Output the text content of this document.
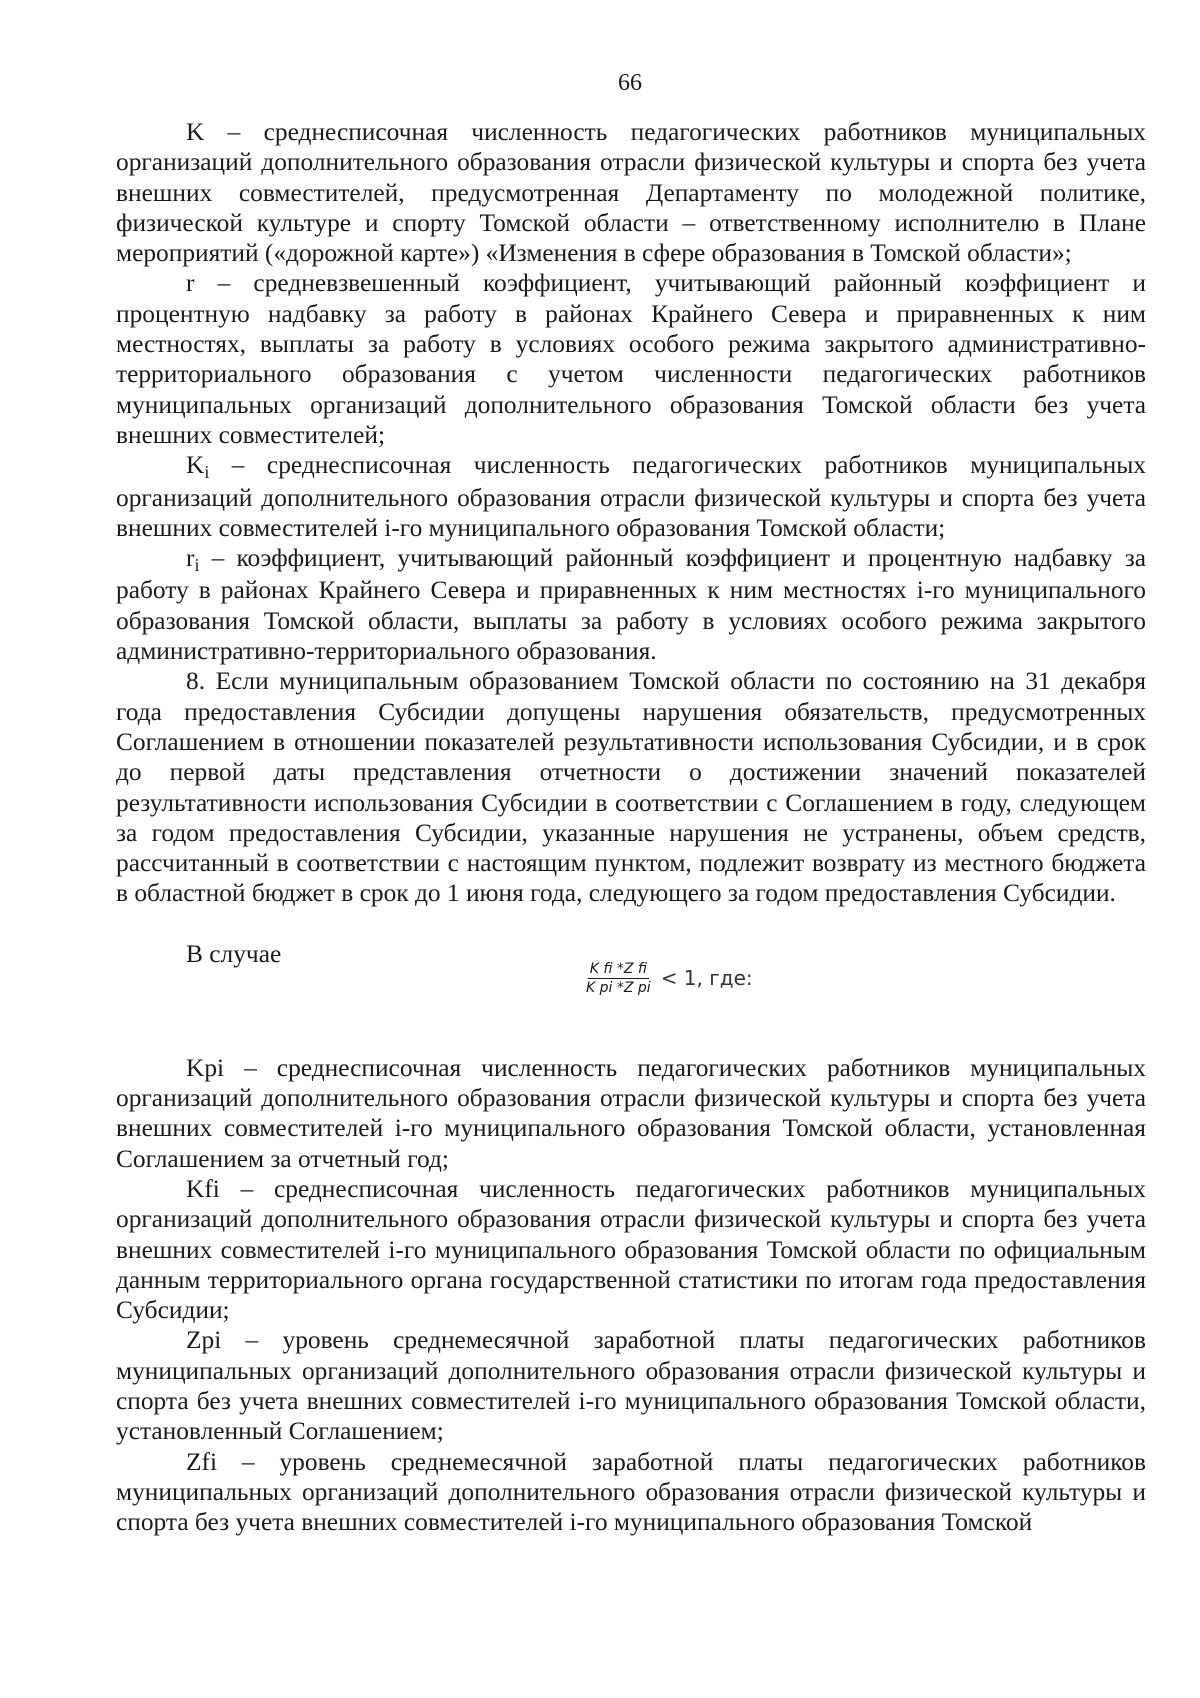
66

K – среднесписочная численность педагогических работников муниципальных организаций дополнительного образования отрасли физической культуры и спорта без учета внешних совместителей, предусмотренная Департаменту по молодежной политике, физической культуре и спорту Томской области – ответственному исполнителю в Плане мероприятий («дорожной карте») «Изменения в сфере образования в Томской области»;

r – средневзвешенный коэффициент, учитывающий районный коэффициент и процентную надбавку за работу в районах Крайнего Севера и приравненных к ним местностях, выплаты за работу в условиях особого режима закрытого административно-территориального образования с учетом численности педагогических работников муниципальных организаций дополнительного образования Томской области без учета внешних совместителей;

Ki – среднесписочная численность педагогических работников муниципальных организаций дополнительного образования отрасли физической культуры и спорта без учета внешних совместителей i-го муниципального образования Томской области;

ri – коэффициент, учитывающий районный коэффициент и процентную надбавку за работу в районах Крайнего Севера и приравненных к ним местностях i-го муниципального образования Томской области, выплаты за работу в условиях особого режима закрытого административно-территориального образования.

8. Если муниципальным образованием Томской области по состоянию на 31 декабря года предоставления Субсидии допущены нарушения обязательств, предусмотренных Соглашением в отношении показателей результативности использования Субсидии, и в срок до первой даты представления отчетности о достижении значений показателей результативности использования Субсидии в соответствии с Соглашением в году, следующем за годом предоставления Субсидии, указанные нарушения не устранены, объем средств, рассчитанный в соответствии с настоящим пунктом, подлежит возврату из местного бюджета в областной бюджет в срок до 1 июня года, следующего за годом предоставления Субсидии.

В случае
$\frac{\text{K fi *Z fi}}{\text{K pi *Z pi}} < 1$, где:

Kpi – среднесписочная численность педагогических работников муниципальных организаций дополнительного образования отрасли физической культуры и спорта без учета внешних совместителей i-го муниципального образования Томской области, установленная Соглашением за отчетный год;

Kfi – среднесписочная численность педагогических работников муниципальных организаций дополнительного образования отрасли физической культуры и спорта без учета внешних совместителей i-го муниципального образования Томской области по официальным данным территориального органа государственной статистики по итогам года предоставления Субсидии;

Zpi – уровень среднемесячной заработной платы педагогических работников муниципальных организаций дополнительного образования отрасли физической культуры и спорта без учета внешних совместителей i-го муниципального образования Томской области, установленный Соглашением;

Zfi – уровень среднемесячной заработной платы педагогических работников муниципальных организаций дополнительного образования отрасли физической культуры и спорта без учета внешних совместителей i-го муниципального образования Томской
